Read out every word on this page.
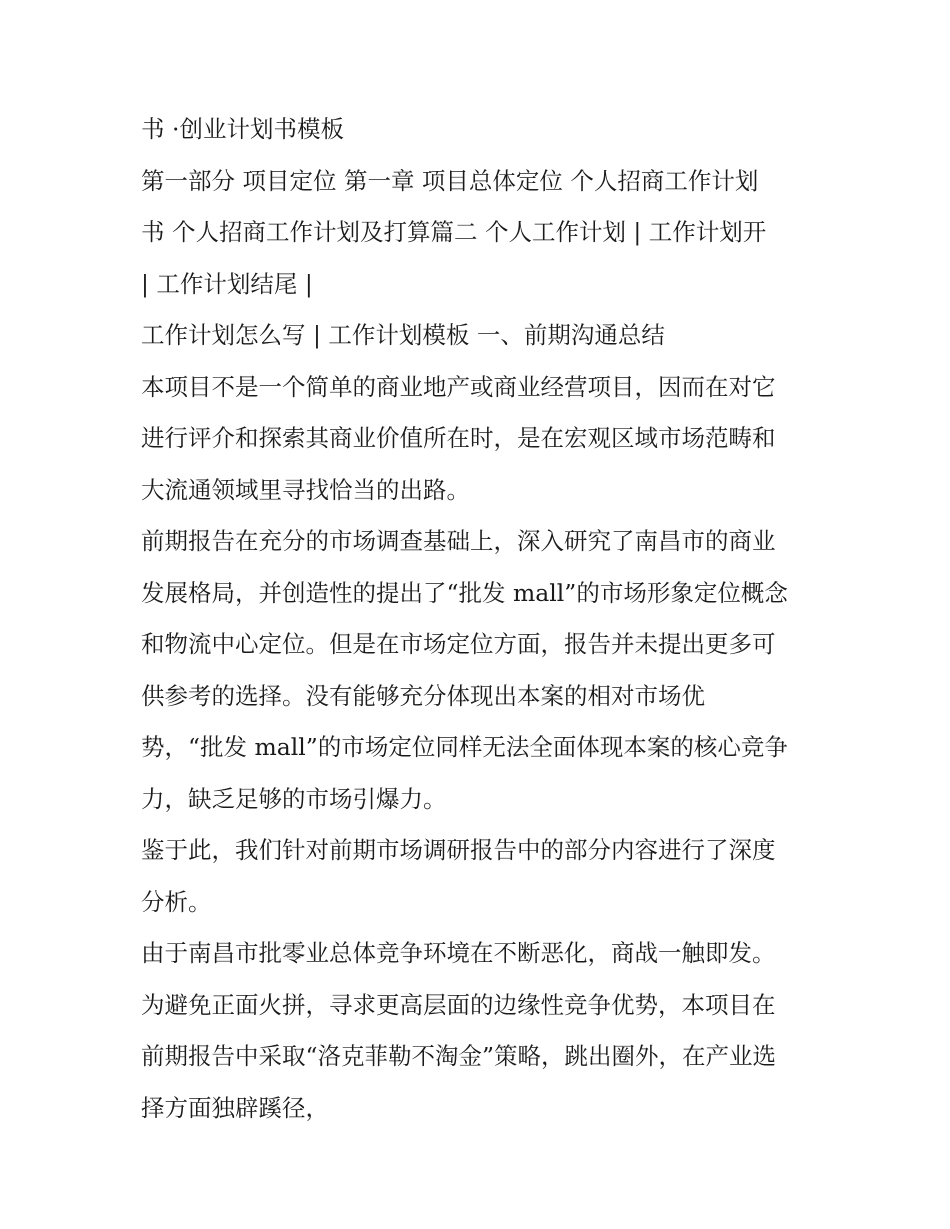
书 ·创业计划书模板
第一部分 项目定位 第一章 项目总体定位 个人招商工作计划
书 个人招商工作计划及打算篇二 个人工作计划 | 工作计划开
| 工作计划结尾 |
工作计划怎么写 | 工作计划模板 一、前期沟通总结
本项目不是一个简单的商业地产或商业经营项目，因而在对它
进行评介和探索其商业价值所在时，是在宏观区域市场范畴和
大流通领域里寻找恰当的出路。
前期报告在充分的市场调查基础上，深入研究了南昌市的商业
发展格局，并创造性的提出了“批发 mall”的市场形象定位概念
和物流中心定位。但是在市场定位方面，报告并未提出更多可
供参考的选择。没有能够充分体现出本案的相对市场优
势，“批发 mall”的市场定位同样无法全面体现本案的核心竞争
力，缺乏足够的市场引爆力。
鉴于此，我们针对前期市场调研报告中的部分内容进行了深度
分析。
由于南昌市批零业总体竞争环境在不断恶化，商战一触即发。
为避免正面火拼，寻求更高层面的边缘性竞争优势，本项目在
前期报告中采取“洛克菲勒不淘金”策略，跳出圈外，在产业选
择方面独辟蹊径，
